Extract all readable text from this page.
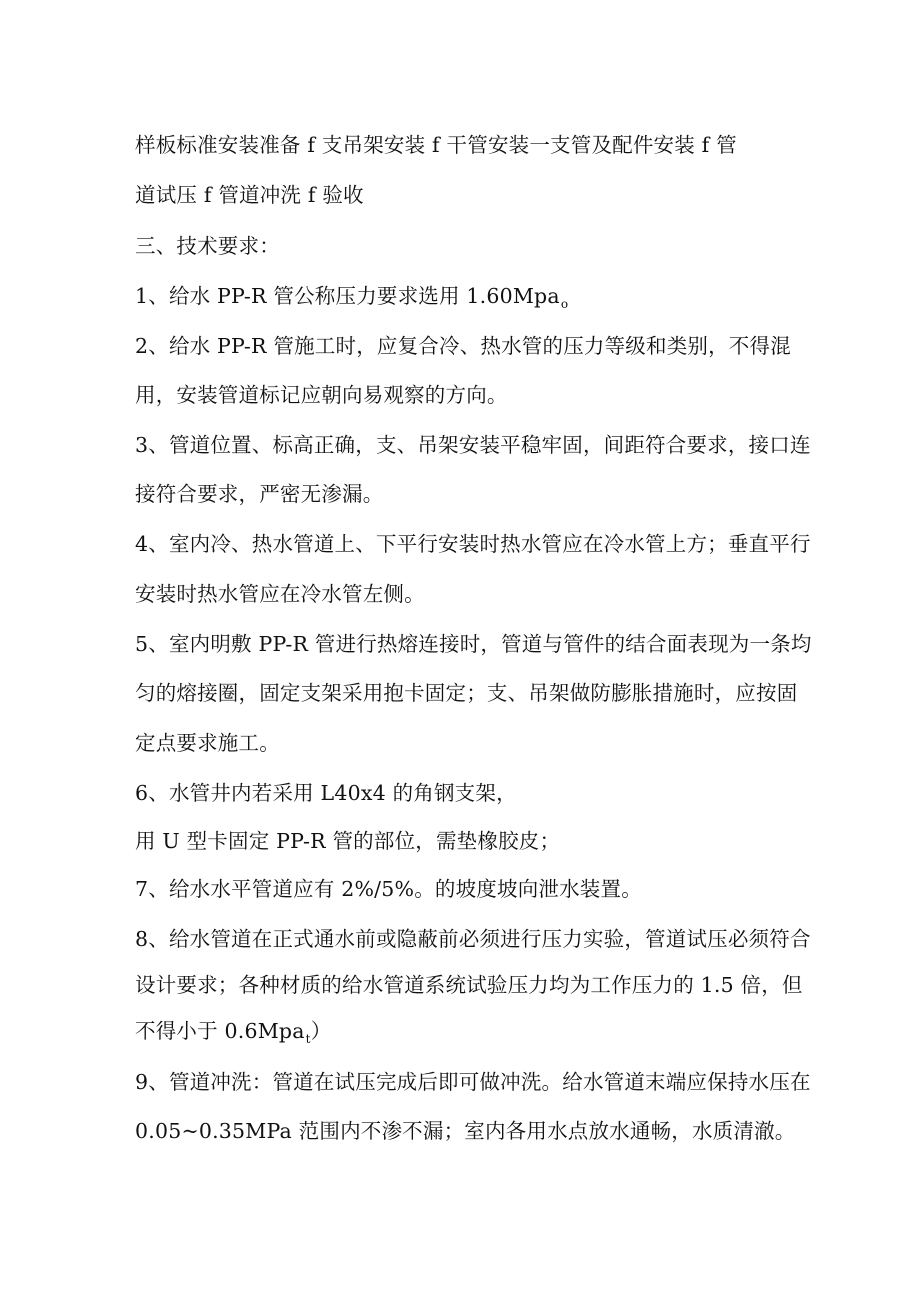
样板标准安装准备 f 支吊架安装 f 干管安装一支管及配件安装 f 管
道试压 f 管道冲洗 f 验收
三、技术要求：
1、给水 PP-R 管公称压力要求选用 1.60Mpa$_o$
2、给水 PP-R 管施工时，应复合冷、热水管的压力等级和类别，不得混
用，安装管道标记应朝向易观察的方向。
3、管道位置、标高正确，支、吊架安装平稳牢固，间距符合要求，接口连
接符合要求，严密无渗漏。
4、室内冷、热水管道上、下平行安装时热水管应在冷水管上方；垂直平行
安装时热水管应在冷水管左侧。
5、室内明敷 PP-R 管进行热熔连接时，管道与管件的结合面表现为一条均
匀的熔接圈，固定支架采用抱卡固定；支、吊架做防膨胀措施时，应按固
定点要求施工。
6、水管井内若采用 L40x4 的角钢支架，
用 U 型卡固定 PP-R 管的部位，需垫橡胶皮；
7、给水水平管道应有 2%/5%。的坡度坡向泄水装置。
8、给水管道在正式通水前或隐蔽前必须进行压力实验，管道试压必须符合
设计要求；各种材质的给水管道系统试验压力均为工作压力的 1.5 倍，但
不得小于 0.6Mpa$_t$）
9、管道冲洗：管道在试压完成后即可做冲洗。给水管道末端应保持水压在
0.05~0.35MPa 范围内不渗不漏；室内各用水点放水通畅，水质清澈。
